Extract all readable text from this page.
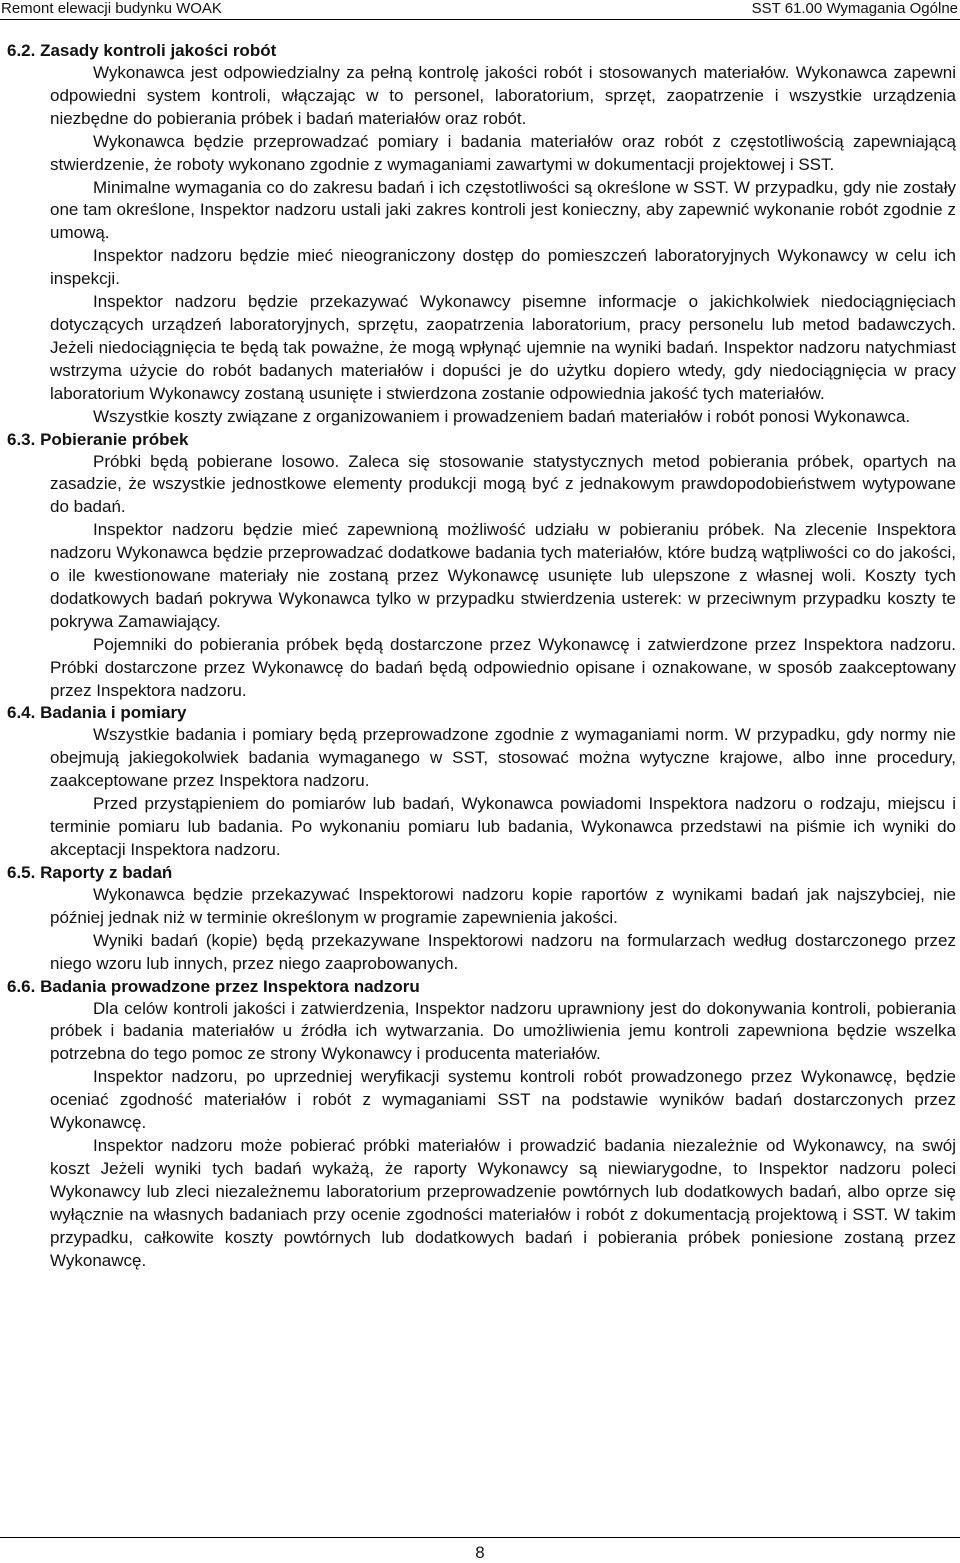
Remont elewacji budynku WOAK	SST 61.00 Wymagania Ogólne
6.2. Zasady kontroli jakości robót

Wykonawca jest odpowiedzialny za pełną kontrolę jakości robót i stosowanych materiałów. Wykonawca zapewni odpowiedni system kontroli, włączając w to personel, laboratorium, sprzęt, zaopatrzenie i wszystkie urządzenia niezbędne do pobierania próbek i badań materiałów oraz robót.

Wykonawca będzie przeprowadzać pomiary i badania materiałów oraz robót z częstotliwością zapewniającą stwierdzenie, że roboty wykonano zgodnie z wymaganiami zawartymi w dokumentacji projektowej i SST.

Minimalne wymagania co do zakresu badań i ich częstotliwości są określone w SST. W przypadku, gdy nie zostały one tam określone, Inspektor nadzoru ustali jaki zakres kontroli jest konieczny, aby zapewnić wykonanie robót zgodnie z umową.

Inspektor nadzoru będzie mieć nieograniczony dostęp do pomieszczeń laboratoryjnych Wykonawcy w celu ich inspekcji.

Inspektor nadzoru będzie przekazywać Wykonawcy pisemne informacje o jakichkolwiek niedociągnięciach dotyczących urządzeń laboratoryjnych, sprzętu, zaopatrzenia laboratorium, pracy personelu lub metod badawczych. Jeżeli niedociągnięcia te będą tak poważne, że mogą wpłynąć ujemnie na wyniki badań. Inspektor nadzoru natychmiast wstrzyma użycie do robót badanych materiałów i dopuści je do użytku dopiero wtedy, gdy niedociągnięcia w pracy laboratorium Wykonawcy zostaną usunięte i stwierdzona zostanie odpowiednia jakość tych materiałów.

Wszystkie koszty związane z organizowaniem i prowadzeniem badań materiałów i robót ponosi Wykonawca.

6.3. Pobieranie próbek

Próbki będą pobierane losowo. Zaleca się stosowanie statystycznych metod pobierania próbek, opartych na zasadzie, że wszystkie jednostkowe elementy produkcji mogą być z jednakowym prawdopodobieństwem wytypowane do badań.

Inspektor nadzoru będzie mieć zapewnioną możliwość udziału w pobieraniu próbek. Na zlecenie Inspektora nadzoru Wykonawca będzie przeprowadzać dodatkowe badania tych materiałów, które budzą wątpliwości co do jakości, o ile kwestionowane materiały nie zostaną przez Wykonawcę usunięte lub ulepszone z własnej woli. Koszty tych dodatkowych badań pokrywa Wykonawca tylko w przypadku stwierdzenia usterek: w przeciwnym przypadku koszty te pokrywa Zamawiający.

Pojemniki do pobierania próbek będą dostarczone przez Wykonawcę i zatwierdzone przez Inspektora nadzoru. Próbki dostarczone przez Wykonawcę do badań będą odpowiednio opisane i oznakowane, w sposób zaakceptowany przez Inspektora nadzoru.

6.4. Badania i pomiary

Wszystkie badania i pomiary będą przeprowadzone zgodnie z wymaganiami norm. W przypadku, gdy normy nie obejmują jakiegokolwiek badania wymaganego w SST, stosować można wytyczne krajowe, albo inne procedury, zaakceptowane przez Inspektora nadzoru.

Przed przystąpieniem do pomiarów lub badań, Wykonawca powiadomi Inspektora nadzoru o rodzaju, miejscu i terminie pomiaru lub badania. Po wykonaniu pomiaru lub badania, Wykonawca przedstawi na piśmie ich wyniki do akceptacji Inspektora nadzoru.

6.5. Raporty z badań

Wykonawca będzie przekazywać Inspektorowi nadzoru kopie raportów z wynikami badań jak najszybciej, nie później jednak niż w terminie określonym w programie zapewnienia jakości.

Wyniki badań (kopie) będą przekazywane Inspektorowi nadzoru na formularzach według dostarczonego przez niego wzoru lub innych, przez niego zaaprobowanych.

6.6. Badania prowadzone przez Inspektora nadzoru

Dla celów kontroli jakości i zatwierdzenia, Inspektor nadzoru uprawniony jest do dokonywania kontroli, pobierania próbek i badania materiałów u źródła ich wytwarzania. Do umożliwienia jemu kontroli zapewniona będzie wszelka potrzebna do tego pomoc ze strony Wykonawcy i producenta materiałów.

Inspektor nadzoru, po uprzedniej weryfikacji systemu kontroli robót prowadzonego przez Wykonawcę, będzie oceniać zgodność materiałów i robót z wymaganiami SST na podstawie wyników badań dostarczonych przez Wykonawcę.

Inspektor nadzoru może pobierać próbki materiałów i prowadzić badania niezależnie od Wykonawcy, na swój koszt Jeżeli wyniki tych badań wykażą, że raporty Wykonawcy są niewiarygodne, to Inspektor nadzoru poleci Wykonawcy lub zleci niezależnemu laboratorium przeprowadzenie powtórnych lub dodatkowych badań, albo oprze się wyłącznie na własnych badaniach przy ocenie zgodności materiałów i robót z dokumentacją projektową i SST. W takim przypadku, całkowite koszty powtórnych lub dodatkowych badań i pobierania próbek poniesione zostaną przez Wykonawcę.

8
